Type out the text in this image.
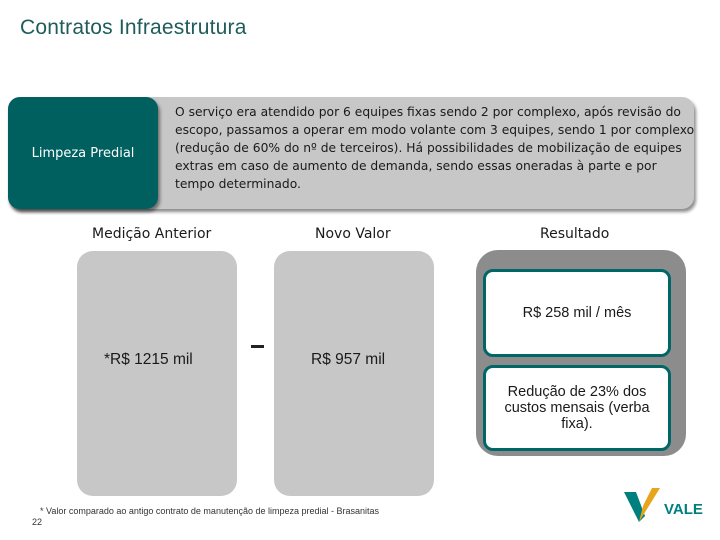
Contratos Infraestrutura
Limpeza Predial
O serviço era atendido por 6 equipes fixas sendo 2 por complexo, após revisão do escopo, passamos a operar em modo volante com 3 equipes, sendo 1 por complexo (redução de 60% do nº de terceiros). Há possibilidades de mobilização de equipes extras em caso de aumento de demanda, sendo essas oneradas à parte e por tempo determinado.
Medição Anterior	Novo Valor	Resultado
*R$ 1215 mil	R$ 957 mil
R$ 258 mil / mês
Redução de 23% dos custos mensais (verba fixa).
* Valor comparado ao antigo contrato de manutenção de limpeza predial - Brasanitas
22
VALE
